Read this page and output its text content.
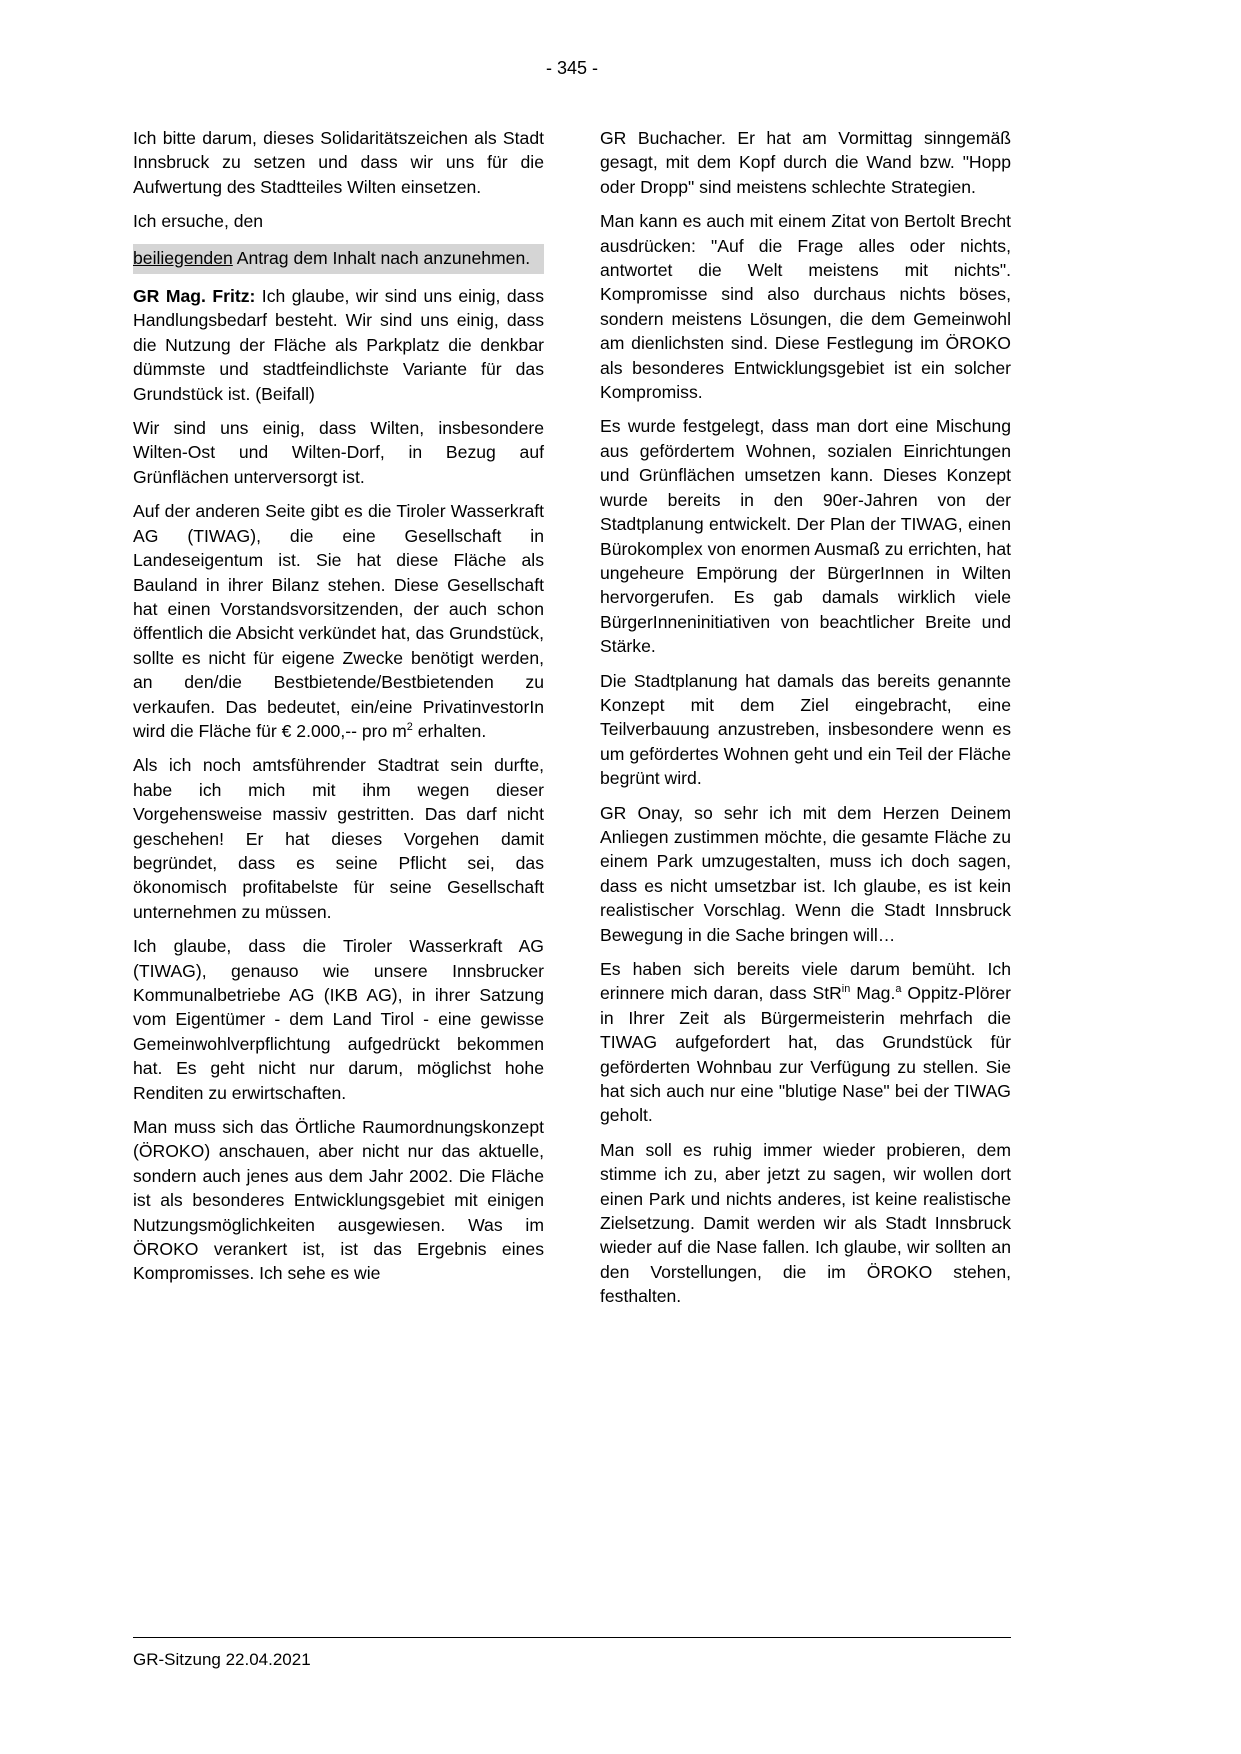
- 345 -

Ich bitte darum, dieses Solidaritätszeichen als Stadt Innsbruck zu setzen und dass wir uns für die Aufwertung des Stadtteiles Wilten einsetzen.

Ich ersuche, den

beiliegenden Antrag dem Inhalt nach anzunehmen.

GR Mag. Fritz: Ich glaube, wir sind uns einig, dass Handlungsbedarf besteht. Wir sind uns einig, dass die Nutzung der Fläche als Parkplatz die denkbar dümmste und stadtfeindlichste Variante für das Grundstück ist. (Beifall)

Wir sind uns einig, dass Wilten, insbesondere Wilten-Ost und Wilten-Dorf, in Bezug auf Grünflächen unterversorgt ist.

Auf der anderen Seite gibt es die Tiroler Wasserkraft AG (TIWAG), die eine Gesellschaft in Landeseigentum ist. Sie hat diese Fläche als Bauland in ihrer Bilanz stehen. Diese Gesellschaft hat einen Vorstandsvorsitzenden, der auch schon öffentlich die Absicht verkündet hat, das Grundstück, sollte es nicht für eigene Zwecke benötigt werden, an den/die Bestbietende/Bestbietenden zu verkaufen. Das bedeutet, ein/eine PrivatinvestorIn wird die Fläche für € 2.000,-- pro $m^2$ erhalten.

Als ich noch amtsführender Stadtrat sein durfte, habe ich mich mit ihm wegen dieser Vorgehensweise massiv gestritten. Das darf nicht geschehen! Er hat dieses Vorgehen damit begründet, dass es seine Pflicht sei, das ökonomisch profitabelste für seine Gesellschaft unternehmen zu müssen.

Ich glaube, dass die Tiroler Wasserkraft AG (TIWAG), genauso wie unsere Innsbrucker Kommunalbetriebe AG (IKB AG), in ihrer Satzung vom Eigentümer - dem Land Tirol - eine gewisse Gemeinwohlverpflichtung aufgedrückt bekommen hat. Es geht nicht nur darum, möglichst hohe Renditen zu erwirtschaften.

Man muss sich das Örtliche Raumordnungskonzept (ÖROKO) anschauen, aber nicht nur das aktuelle, sondern auch jenes aus dem Jahr 2002. Die Fläche ist als besonderes Entwicklungsgebiet mit einigen Nutzungsmöglichkeiten ausgewiesen. Was im ÖROKO verankert ist, ist das Ergebnis eines Kompromisses. Ich sehe es wie

GR Buchacher. Er hat am Vormittag sinngemäß gesagt, mit dem Kopf durch die Wand bzw. "Hopp oder Dropp" sind meistens schlechte Strategien.

Man kann es auch mit einem Zitat von Bertolt Brecht ausdrücken: "Auf die Frage alles oder nichts, antwortet die Welt meistens mit nichts". Kompromisse sind also durchaus nichts böses, sondern meistens Lösungen, die dem Gemeinwohl am dienlichsten sind. Diese Festlegung im ÖROKO als besonderes Entwicklungsgebiet ist ein solcher Kompromiss.

Es wurde festgelegt, dass man dort eine Mischung aus gefördertem Wohnen, sozialen Einrichtungen und Grünflächen umsetzen kann. Dieses Konzept wurde bereits in den 90er-Jahren von der Stadtplanung entwickelt. Der Plan der TIWAG, einen Bürokomplex von enormen Ausmaß zu errichten, hat ungeheure Empörung der BürgerInnen in Wilten hervorgerufen. Es gab damals wirklich viele BürgerInneninitiativen von beachtlicher Breite und Stärke.

Die Stadtplanung hat damals das bereits genannte Konzept mit dem Ziel eingebracht, eine Teilverbauung anzustreben, insbesondere wenn es um gefördertes Wohnen geht und ein Teil der Fläche begrünt wird.

GR Onay, so sehr ich mit dem Herzen Deinem Anliegen zustimmen möchte, die gesamte Fläche zu einem Park umzugestalten, muss ich doch sagen, dass es nicht umsetzbar ist. Ich glaube, es ist kein realistischer Vorschlag. Wenn die Stadt Innsbruck Bewegung in die Sache bringen will…

Es haben sich bereits viele darum bemüht. Ich erinnere mich daran, dass StR$^{in}$ Mag.$^a$ Oppitz-Plörer in Ihrer Zeit als Bürgermeisterin mehrfach die TIWAG aufgefordert hat, das Grundstück für geförderten Wohnbau zur Verfügung zu stellen. Sie hat sich auch nur eine "blutige Nase" bei der TIWAG geholt.

Man soll es ruhig immer wieder probieren, dem stimme ich zu, aber jetzt zu sagen, wir wollen dort einen Park und nichts anderes, ist keine realistische Zielsetzung. Damit werden wir als Stadt Innsbruck wieder auf die Nase fallen. Ich glaube, wir sollten an den Vorstellungen, die im ÖROKO stehen, festhalten.

GR-Sitzung 22.04.2021
